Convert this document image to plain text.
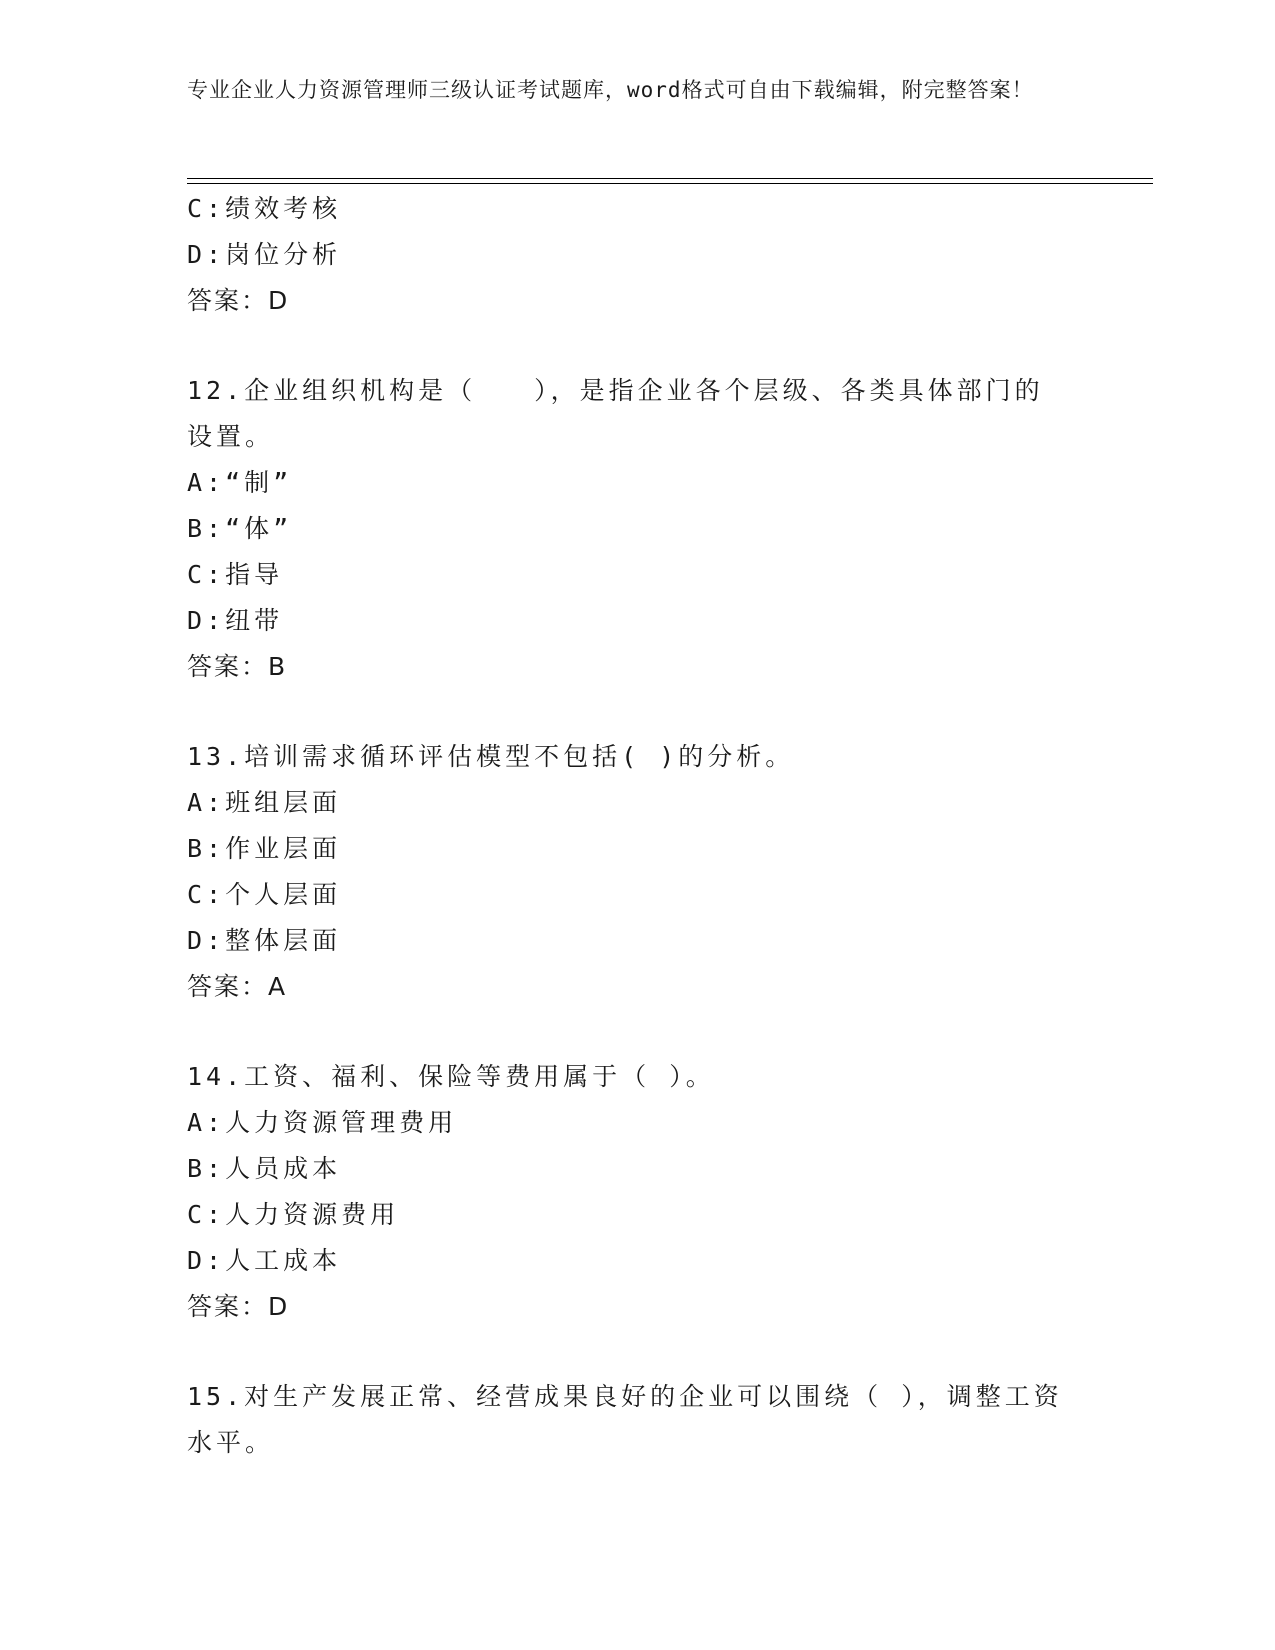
专业企业人力资源管理师三级认证考试题库，word格式可自由下载编辑，附完整答案！
C:绩效考核
D:岗位分析
答案：D
12.企业组织机构是（　　），是指企业各个层级、各类具体部门的设置。
A:“制”
B:“体”
C:指导
D:纽带
答案：B
13.培训需求循环评估模型不包括( )的分析。
A:班组层面
B:作业层面
C:个人层面
D:整体层面
答案：A
14.工资、福利、保险等费用属于（ ）。
A:人力资源管理费用
B:人员成本
C:人力资源费用
D:人工成本
答案：D
15.对生产发展正常、经营成果良好的企业可以围绕（ ），调整工资水平。
